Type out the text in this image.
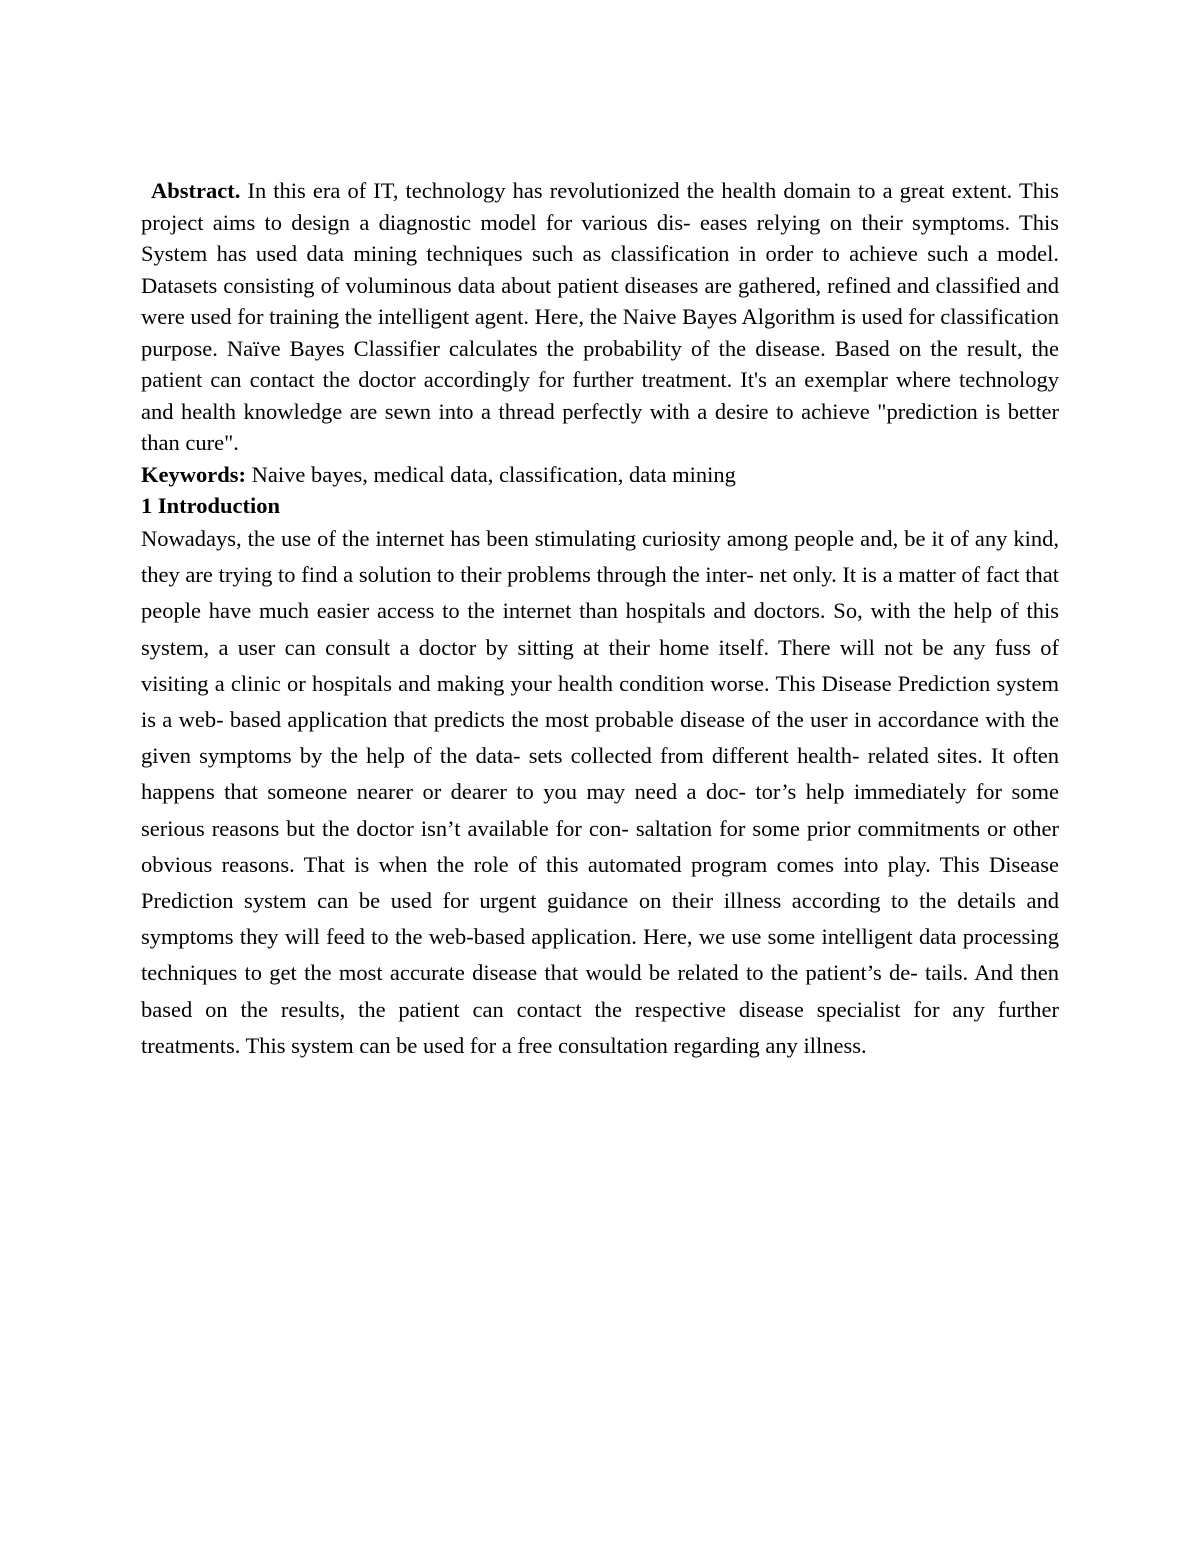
Abstract. In this era of IT, technology has revolutionized the health domain to a great extent. This project aims to design a diagnostic model for various dis- eases relying on their symptoms. This System has used data mining techniques such as classification in order to achieve such a model. Datasets consisting of voluminous data about patient diseases are gathered, refined and classified and were used for training the intelligent agent. Here, the Naive Bayes Algorithm is used for classification purpose. Naïve Bayes Classifier calculates the probability of the disease. Based on the result, the patient can contact the doctor accordingly for further treatment. It's an exemplar where technology and health knowledge are sewn into a thread perfectly with a desire to achieve "prediction is better than cure".

Keywords: Naive bayes, medical data, classification, data mining

1 Introduction

Nowadays, the use of the internet has been stimulating curiosity among people and, be it of any kind, they are trying to find a solution to their problems through the inter- net only. It is a matter of fact that people have much easier access to the internet than hospitals and doctors. So, with the help of this system, a user can consult a doctor by sitting at their home itself. There will not be any fuss of visiting a clinic or hospitals and making your health condition worse. This Disease Prediction system is a web- based application that predicts the most probable disease of the user in accordance with the given symptoms by the help of the data- sets collected from different health- related sites. It often happens that someone nearer or dearer to you may need a doc- tor’s help immediately for some serious reasons but the doctor isn’t available for con- saltation for some prior commitments or other obvious reasons. That is when the role of this automated program comes into play. This Disease Prediction system can be used for urgent guidance on their illness according to the details and symptoms they will feed to the web-based application. Here, we use some intelligent data processing techniques to get the most accurate disease that would be related to the patient’s de- tails. And then based on the results, the patient can contact the respective disease specialist for any further treatments. This system can be used for a free consultation regarding any illness.
